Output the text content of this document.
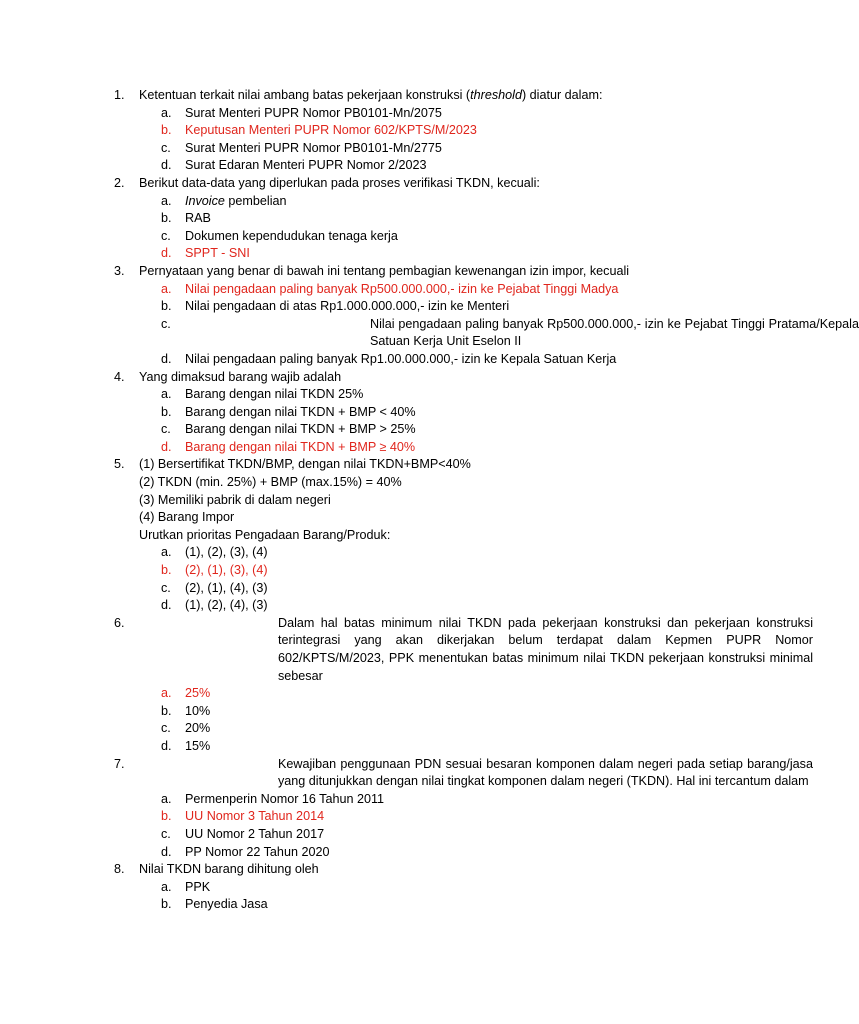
1. Ketentuan terkait nilai ambang batas pekerjaan konstruksi (threshold) diatur dalam:
a. Surat Menteri PUPR Nomor PB0101-Mn/2075
b. Keputusan Menteri PUPR Nomor 602/KPTS/M/2023
c. Surat Menteri PUPR Nomor PB0101-Mn/2775
d. Surat Edaran Menteri PUPR Nomor 2/2023
2. Berikut data-data yang diperlukan pada proses verifikasi TKDN, kecuali:
a. Invoice pembelian
b. RAB
c. Dokumen kependudukan tenaga kerja
d. SPPT - SNI
3. Pernyataan yang benar di bawah ini tentang pembagian kewenangan izin impor, kecuali
a. Nilai pengadaan paling banyak Rp500.000.000,- izin ke Pejabat Tinggi Madya
b. Nilai pengadaan di atas Rp1.000.000.000,- izin ke Menteri
c.	Nilai pengadaan paling banyak Rp500.000.000,- izin ke Pejabat Tinggi Pratama/Kepala Satuan Kerja Unit Eselon II
d. Nilai pengadaan paling banyak Rp1.00.000.000,- izin ke Kepala Satuan Kerja
4. Yang dimaksud barang wajib adalah
a. Barang dengan nilai TKDN 25%
b. Barang dengan nilai TKDN + BMP < 40%
c. Barang dengan nilai TKDN + BMP > 25%
d. Barang dengan nilai TKDN + BMP ≥ 40%
5. (1) Bersertifikat TKDN/BMP, dengan nilai TKDN+BMP<40%
(2) TKDN (min. 25%) + BMP (max.15%) = 40%
(3) Memiliki pabrik di dalam negeri
(4) Barang Impor
Urutkan prioritas Pengadaan Barang/Produk:
a. (1), (2), (3), (4)
b. (2), (1), (3), (4)
c. (2), (1), (4), (3)
d. (1), (2), (4), (3)
6.	Dalam hal batas minimum nilai TKDN pada pekerjaan konstruksi dan pekerjaan konstruksi terintegrasi yang akan dikerjakan belum terdapat dalam Kepmen PUPR Nomor 602/KPTS/M/2023, PPK menentukan batas minimum nilai TKDN pekerjaan konstruksi minimal sebesar
a. 25%
b. 10%
c. 20%
d. 15%
7.	Kewajiban penggunaan PDN sesuai besaran komponen dalam negeri pada setiap barang/jasa yang ditunjukkan dengan nilai tingkat komponen dalam negeri (TKDN). Hal ini tercantum dalam
a. Permenperin Nomor 16 Tahun 2011
b. UU Nomor 3 Tahun 2014
c. UU Nomor 2 Tahun 2017
d. PP Nomor 22 Tahun 2020
8. Nilai TKDN barang dihitung oleh
a. PPK
b. Penyedia Jasa
